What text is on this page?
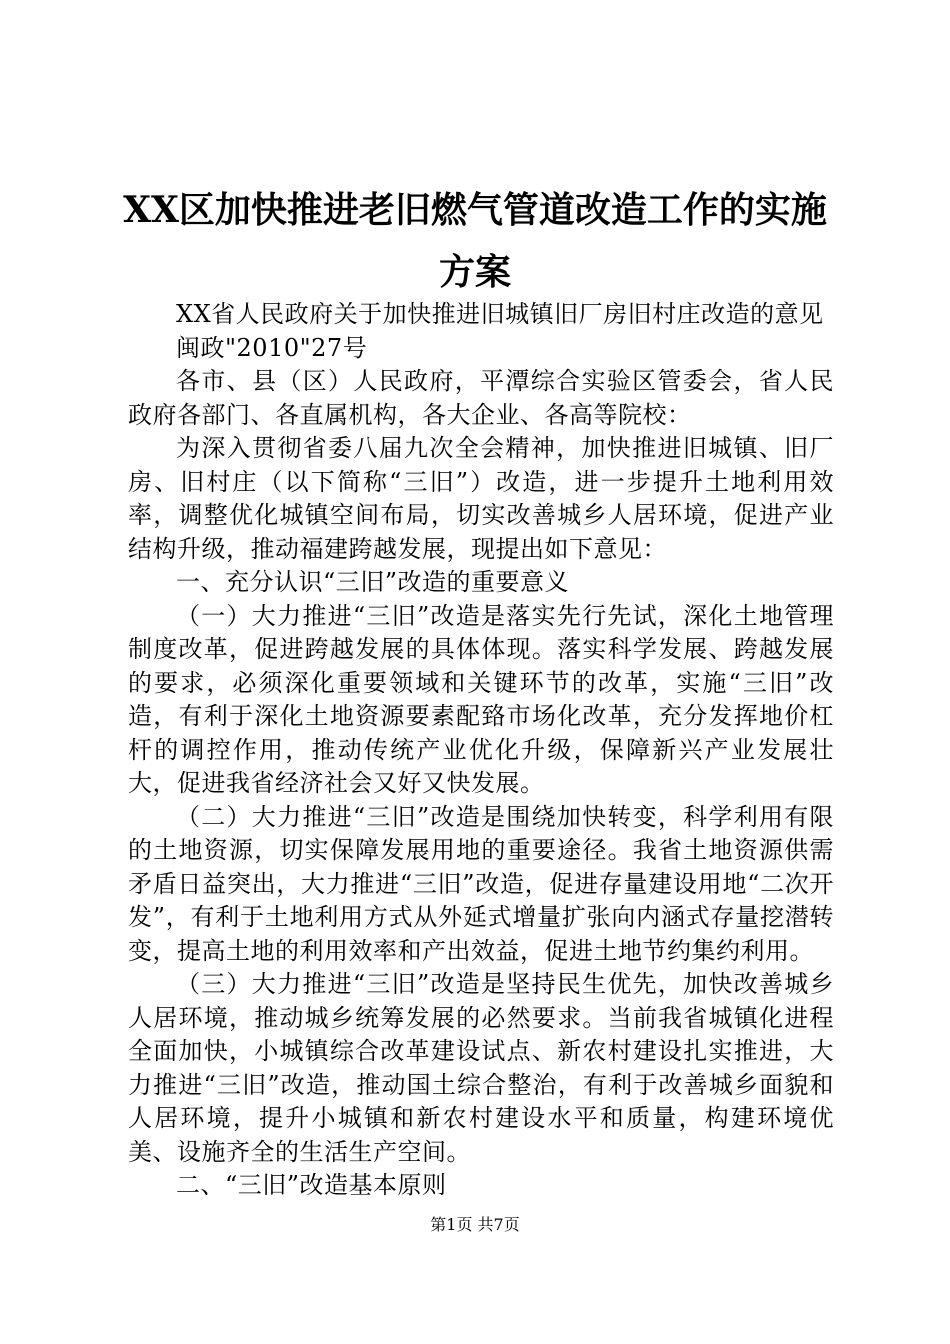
XX区加快推进老旧燃气管道改造工作的实施
方案

XX省人民政府关于加快推进旧城镇旧厂房旧村庄改造的意见

闽政"2010"27号

各市、县（区）人民政府，平潭综合实验区管委会，省人民政府各部门、各直属机构，各大企业、各高等院校：

为深入贯彻省委八届九次全会精神，加快推进旧城镇、旧厂房、旧村庄（以下简称“三旧”）改造，进一步提升土地利用效率，调整优化城镇空间布局，切实改善城乡人居环境，促进产业结构升级，推动福建跨越发展，现提出如下意见：

一、充分认识“三旧”改造的重要意义

（一）大力推进“三旧”改造是落实先行先试，深化土地管理制度改革，促进跨越发展的具体体现。落实科学发展、跨越发展的要求，必须深化重要领域和关键环节的改革，实施“三旧”改造，有利于深化土地资源要素配臵市场化改革，充分发挥地价杠杆的调控作用，推动传统产业优化升级，保障新兴产业发展壮大，促进我省经济社会又好又快发展。

（二）大力推进“三旧”改造是围绕加快转变，科学利用有限的土地资源，切实保障发展用地的重要途径。我省土地资源供需矛盾日益突出，大力推进“三旧”改造，促进存量建设用地“二次开发”，有利于土地利用方式从外延式增量扩张向内涵式存量挖潜转变，提高土地的利用效率和产出效益，促进土地节约集约利用。

（三）大力推进“三旧”改造是坚持民生优先，加快改善城乡人居环境，推动城乡统筹发展的必然要求。当前我省城镇化进程全面加快，小城镇综合改革建设试点、新农村建设扎实推进，大力推进“三旧”改造，推动国土综合整治，有利于改善城乡面貌和人居环境，提升小城镇和新农村建设水平和质量，构建环境优美、设施齐全的生活生产空间。

二、“三旧”改造基本原则

第1页 共7页
